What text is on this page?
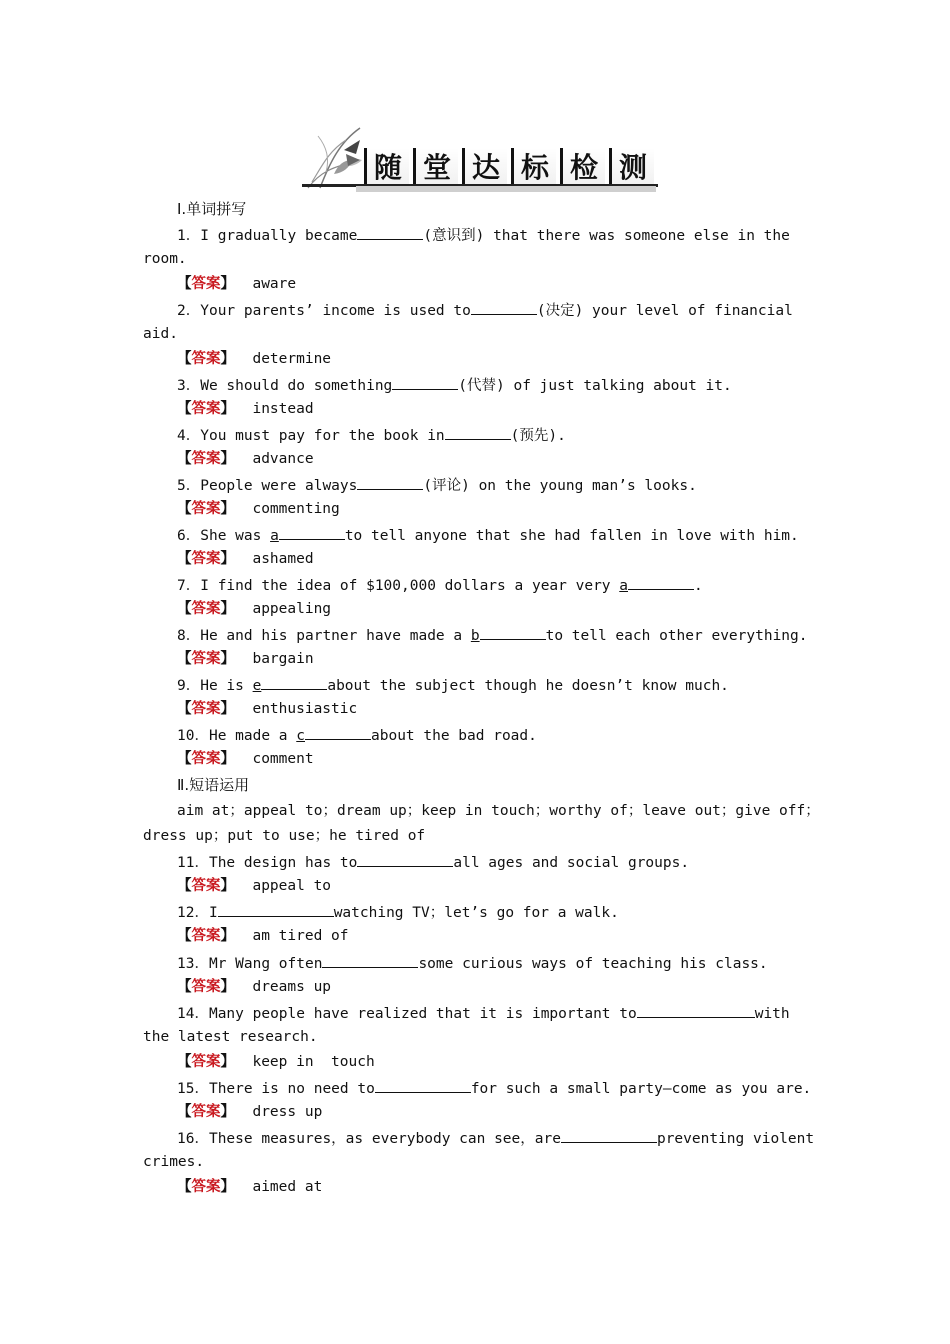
随 堂 达 标 检 测
Ⅰ.单词拼写
1．I gradually became	(意识到) that there was someone else in the
room.
【答案】 aware
2．Your parents’ income is used to	(决定) your level of financial
aid.
【答案】 determine
3．We should do something	(代替) of just talking about it.
【答案】 instead
4．You must pay for the book in	(预先).
【答案】 advance
5．People were always	(评论) on the young man’s looks.
【答案】 commenting
6．She was a	to tell anyone that she had fallen in love with him.
【答案】 ashamed
7．I find the idea of $100,000 dollars a year very a	.
【答案】 appealing
8．He and his partner have made a b	to tell each other everything.
【答案】 bargain
9．He is e	about the subject though he doesn’t know much.
【答案】 enthusiastic
10．He made a c	about the bad road.
【答案】 comment
Ⅱ.短语运用
aim at；appeal to；dream up；keep in touch；worthy of；leave out；give off；
dress up；put to use；he tired of
11．The design has to	all ages and social groups.
【答案】 appeal to
12．I	watching TV；let’s go for a walk.
【答案】 am tired of
13．Mr Wang often	some curious ways of teaching his class.
【答案】 dreams up
14．Many people have realized that it is important to	with
the latest research.
【答案】 keep in  touch
15．There is no need to	for such a small party—come as you are.
【答案】 dress up
16．These measures，as everybody can see，are	preventing violent
crimes.
【答案】 aimed at
